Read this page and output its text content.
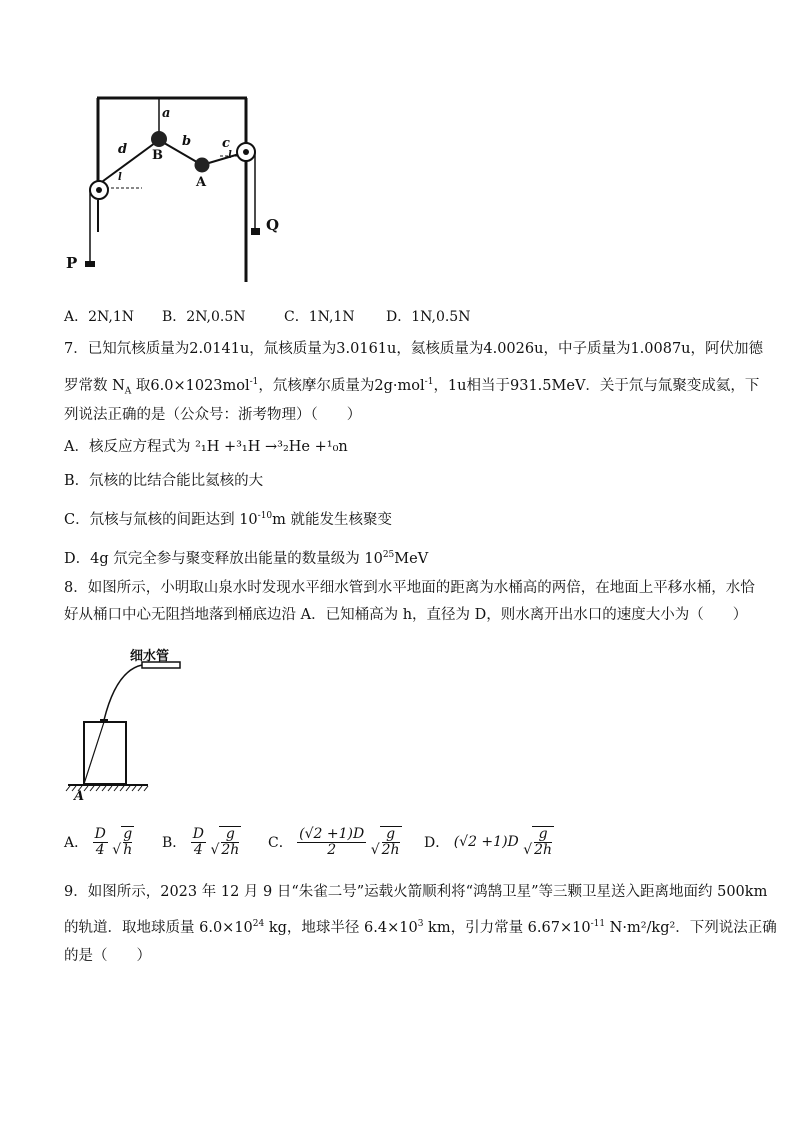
a
d B
b c
A
l
l
P
Q
A．2N,1N B．2N,0.5N	C．1N,1N D．1N,0.5N
7．已知氘核质量为2.0141u，氚核质量为3.0161u，氦核质量为4.0026u，中子质量为1.0087u，阿伏加德
罗常数 $N_A$ 取6.0×1023mol$^{-1}$，氘核摩尔质量为2g·mol$^{-1}$，1u相当于931.5MeV．关于氘与氚聚变成氦，下
列说法正确的是（公众号：浙考物理）（　　）
A．核反应方程式为 ²₁H +³₁H →³₂He +¹₀n
B．氘核的比结合能比氦核的大
C．氘核与氚核的间距达到 $10^{-10}m$ 就能发生核聚变
D．4g 氘完全参与聚变释放出能量的数量级为 $10^{25}MeV$
8．如图所示，小明取山泉水时发现水平细水管到水平地面的距离为水桶高的两倍，在地面上平移水桶，水恰
好从桶口中心无阻挡地落到桶底边沿 A．已知桶高为 h，直径为 D，则水离开出水口的速度大小为（　　）
细水管
A
A． $\frac{D}{4}$ √ $\frac{g}{h}$ B． $\frac{D}{4}$ √ $\frac{g}{2h}$ C． $\frac{(√2 +1)D}{2}$ √ $\frac{g}{2h}$ D． (√2 +1)D √ $\frac{g}{2h}$
9．如图所示，2023 年 12 月 9 日“朱雀二号”运载火箭顺利将“鸿鹄卫星”等三颗卫星送入距离地面约 500km
的轨道．取地球质量 $6.0\times 10^{24}$ kg，地球半径 $6.4\times 10^3$ km，引力常量 $6.67\times 10^{-11}$ N·m²/kg²．下列说法正确
的是（　　）
